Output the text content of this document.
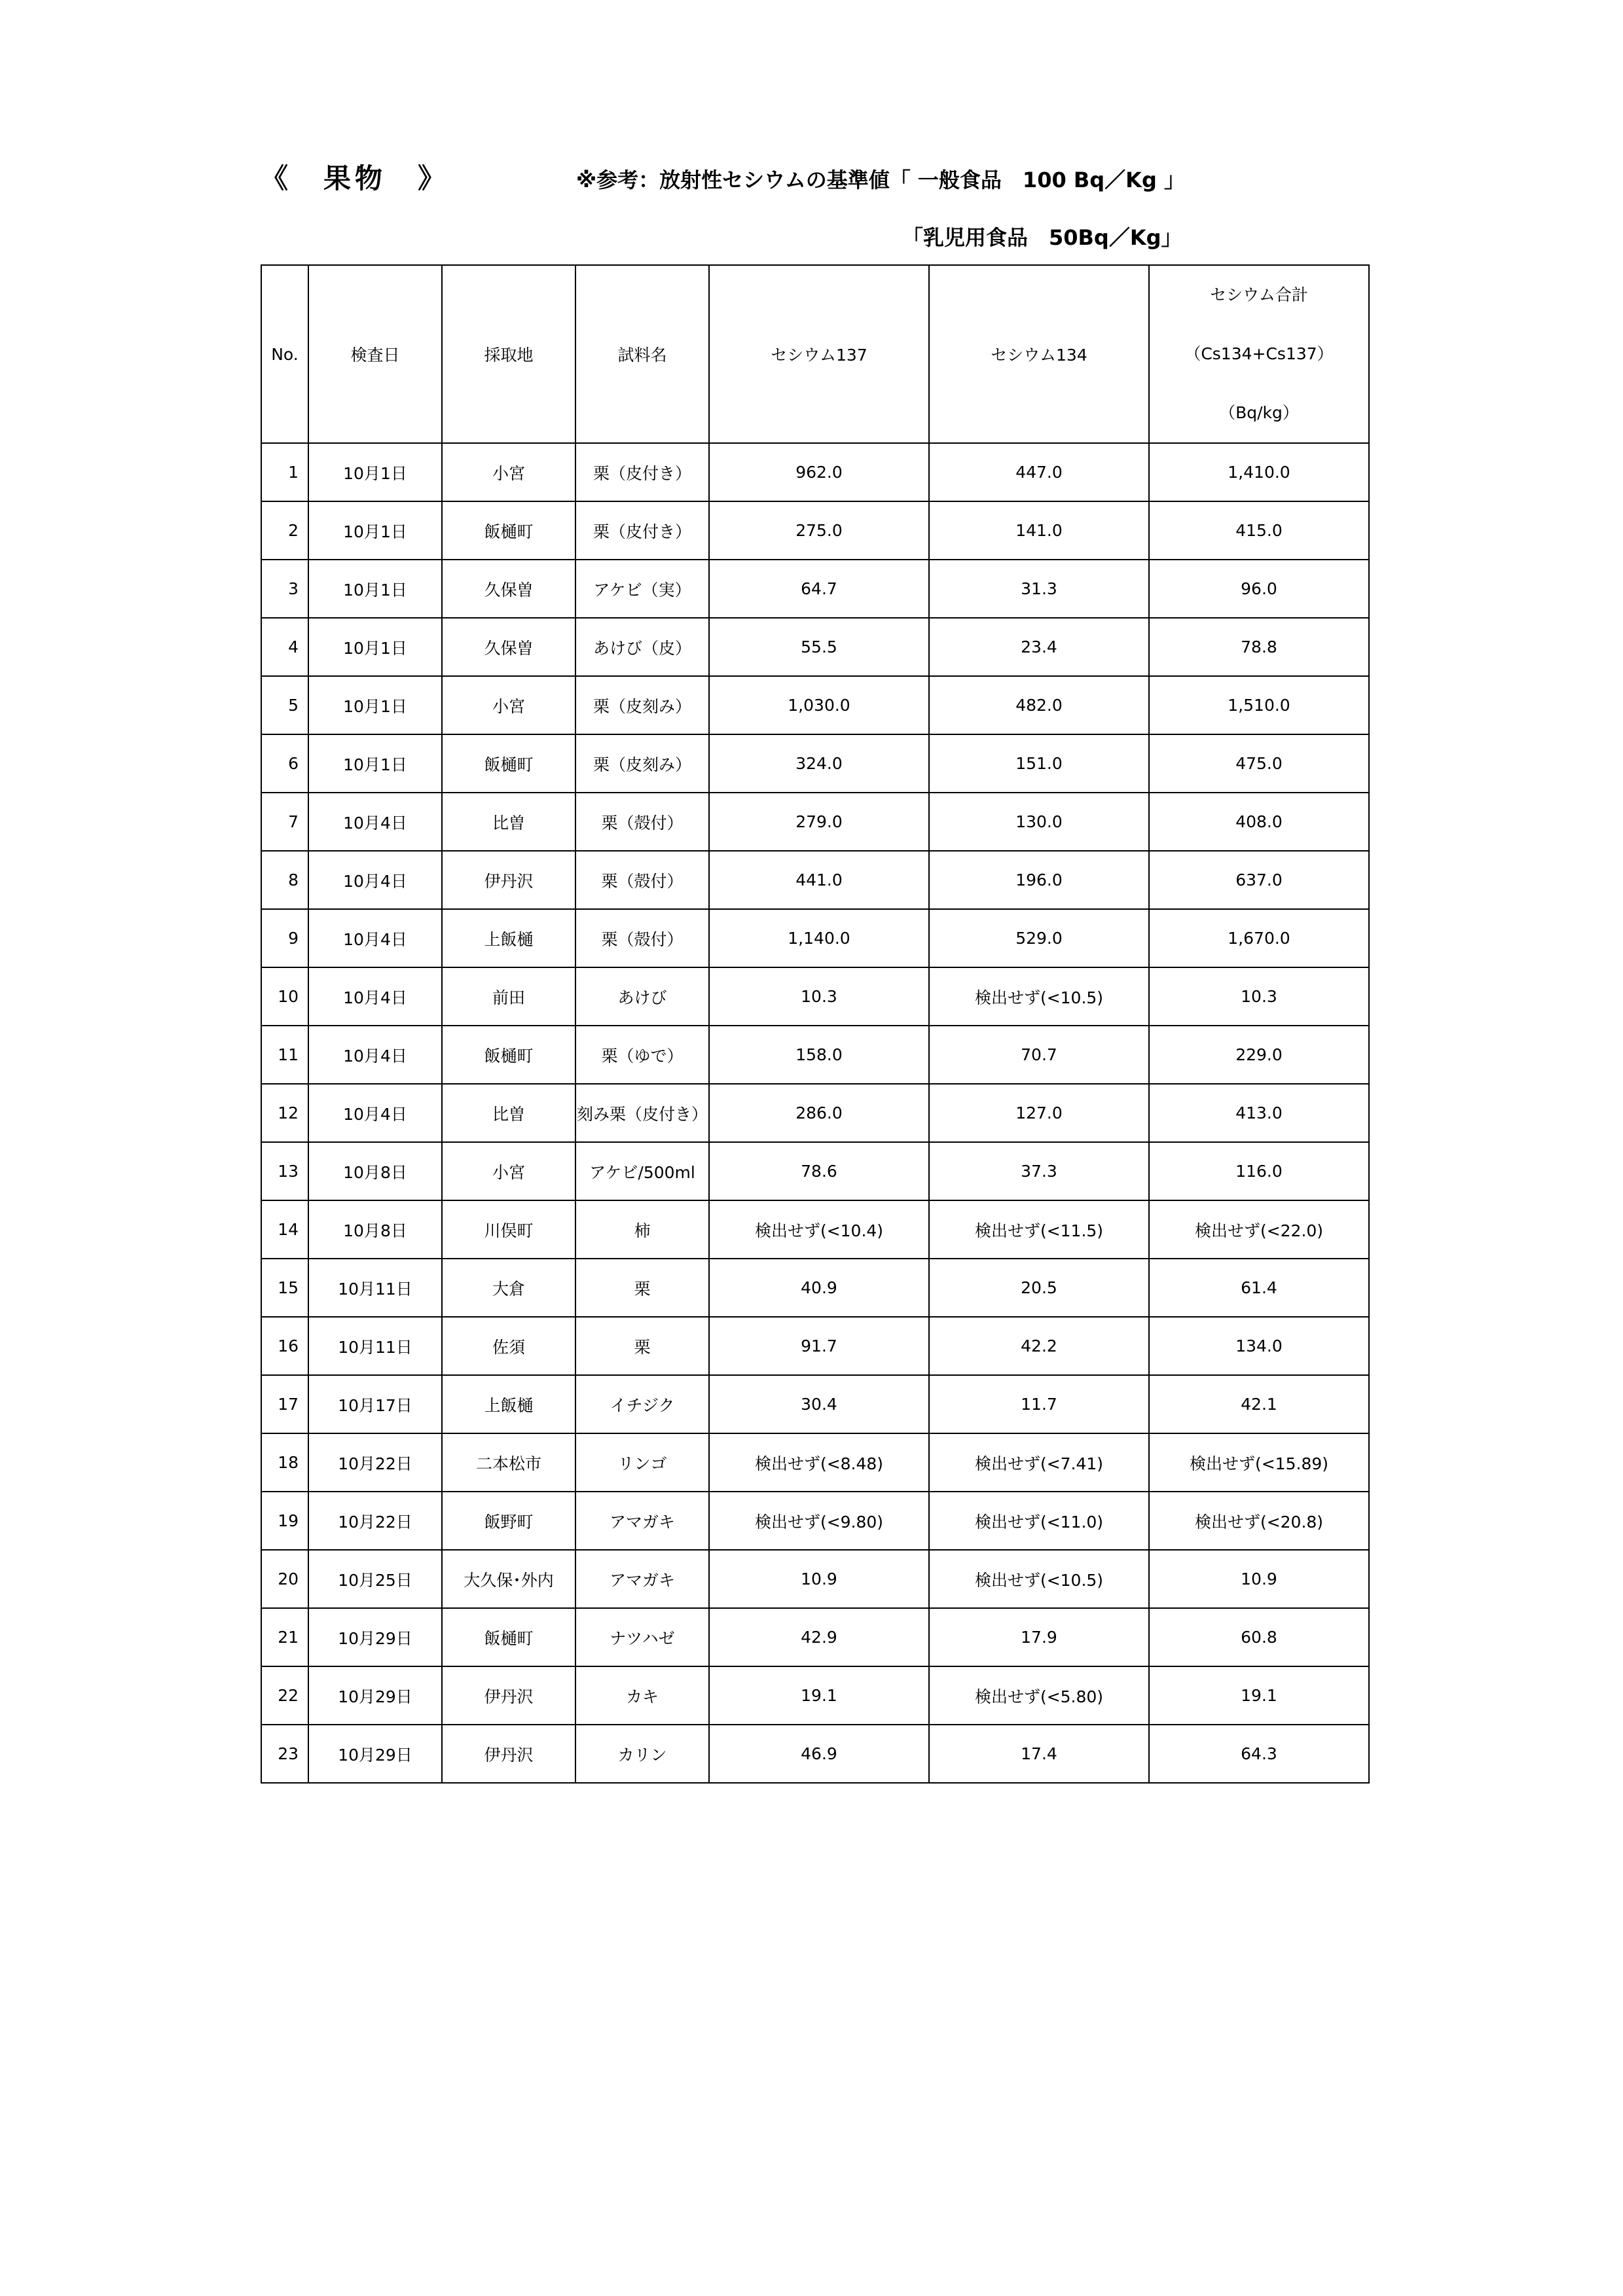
《　果物　》	※参考：放射性セシウムの基準値「 一般食品　100 Bq／Kg 」
「乳児用食品　50Bq／Kg」
No.	検査日	採取地	試料名	セシウム137	セシウム134	セシウム合計
（Cs134+Cs137）
（Bq/kg）

1	10月1日	小宮	栗（皮付き）	962.0	447.0	1,410.0
2	10月1日	飯樋町	栗（皮付き）	275.0	141.0	415.0
3	10月1日	久保曽	アケビ（実）	64.7	31.3	96.0
4	10月1日	久保曽	あけび（皮）	55.5	23.4	78.8
5	10月1日	小宮	栗（皮刻み）	1,030.0	482.0	1,510.0
6	10月1日	飯樋町	栗（皮刻み）	324.0	151.0	475.0
7	10月4日	比曽	栗（殻付）	279.0	130.0	408.0
8	10月4日	伊丹沢	栗（殻付）	441.0	196.0	637.0
9	10月4日	上飯樋	栗（殻付）	1,140.0	529.0	1,670.0
10	10月4日	前田	あけび	10.3	検出せず(<10.5)	10.3
11	10月4日	飯樋町	栗（ゆで）	158.0	70.7	229.0
12	10月4日	比曽	刻み栗（皮付き）	286.0	127.0	413.0
13	10月8日	小宮	アケビ/500ml	78.6	37.3	116.0
14	10月8日	川俣町	柿	検出せず(<10.4)	検出せず(<11.5)	検出せず(<22.0)
15	10月11日	大倉	栗	40.9	20.5	61.4
16	10月11日	佐須	栗	91.7	42.2	134.0
17	10月17日	上飯樋	イチジク	30.4	11.7	42.1
18	10月22日	二本松市	リンゴ	検出せず(<8.48)	検出せず(<7.41)	検出せず(<15.89)
19	10月22日	飯野町	アマガキ	検出せず(<9.80)	検出せず(<11.0)	検出せず(<20.8)
20	10月25日	大久保･外内	アマガキ	10.9	検出せず(<10.5)	10.9
21	10月29日	飯樋町	ナツハゼ	42.9	17.9	60.8
22	10月29日	伊丹沢	カキ	19.1	検出せず(<5.80)	19.1
23	10月29日	伊丹沢	カリン	46.9	17.4	64.3
